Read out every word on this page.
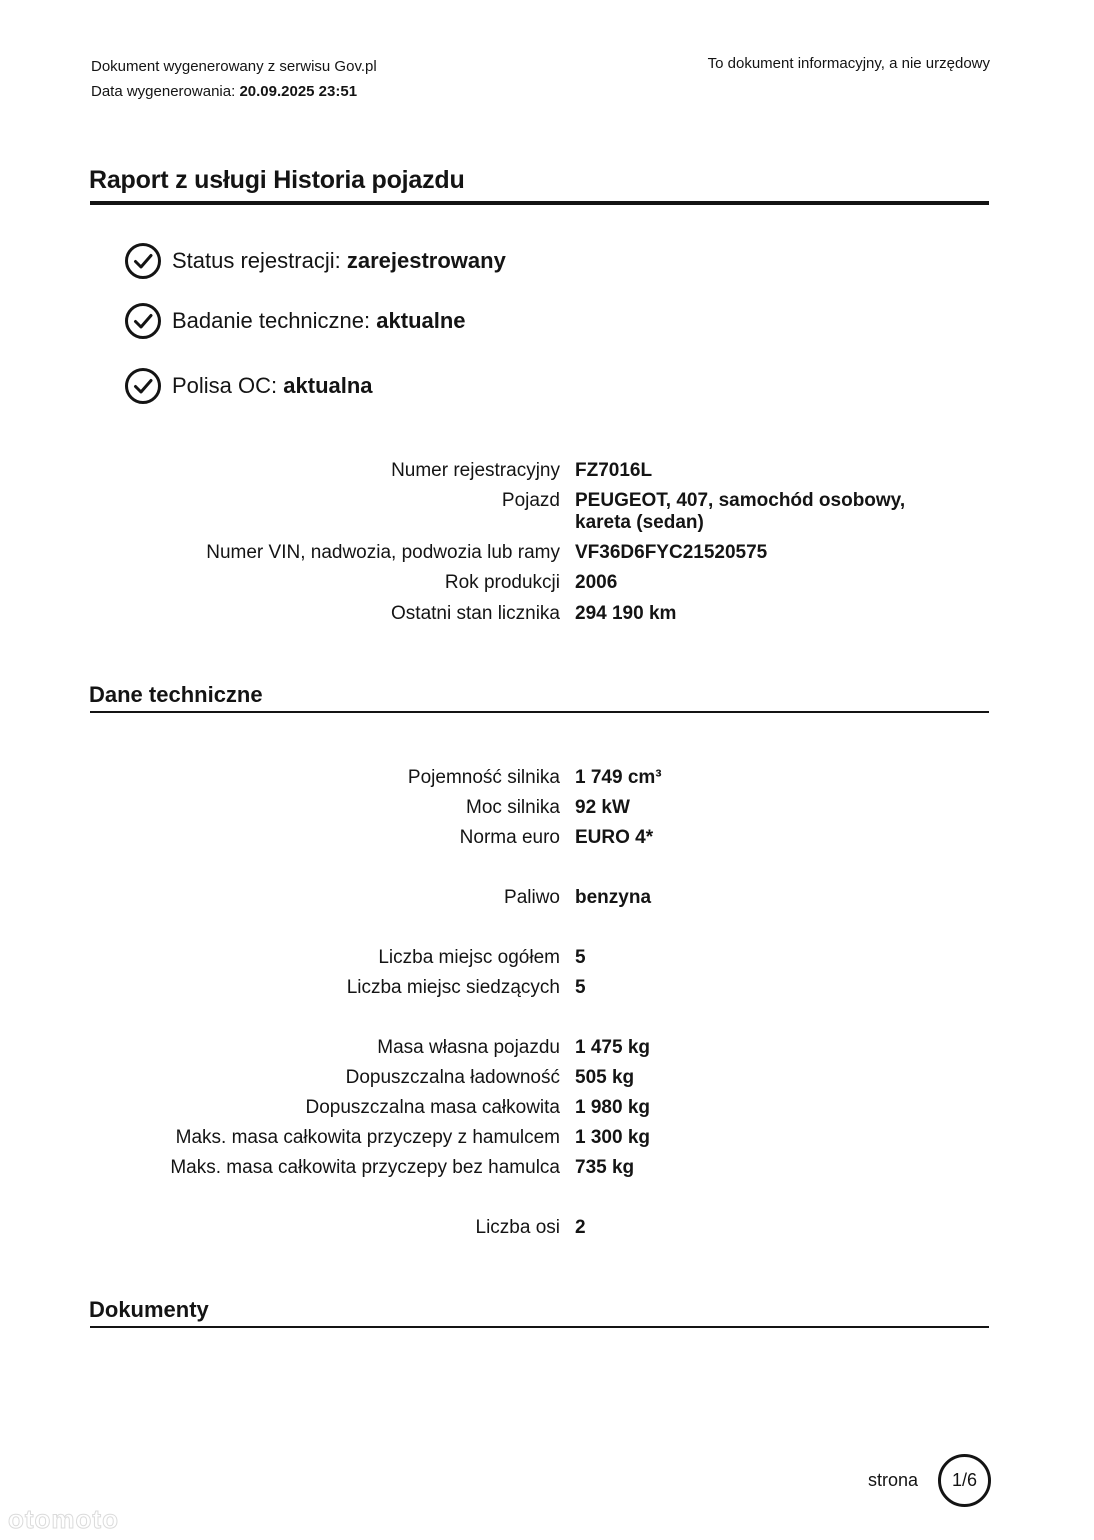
Dokument wygenerowany z serwisu Gov.pl
Data wygenerowania: 20.09.2025 23:51
To dokument informacyjny, a nie urzędowy
Raport z usługi Historia pojazdu
Status rejestracji:
zarejestrowany
Badanie techniczne:
aktualne
Polisa OC:
aktualna
Numer rejestracyjny FZ7016L
Pojazd PEUGEOT, 407, samochód osobowy, kareta (sedan)
Numer VIN, nadwozia, podwozia lub ramy VF36D6FYC21520575
Rok produkcji 2006
Ostatni stan licznika 294 190 km
Dane techniczne
Pojemność silnika 1 749 cm³
Moc silnika 92 kW
Norma euro EURO 4*
Paliwo benzyna
Liczba miejsc ogółem 5
Liczba miejsc siedzących 5
Masa własna pojazdu 1 475 kg
Dopuszczalna ładowność 505 kg
Dopuszczalna masa całkowita 1 980 kg
Maks. masa całkowita przyczepy z hamulcem 1 300 kg
Maks. masa całkowita przyczepy bez hamulca 735 kg
Liczba osi 2
Dokumenty
strona 1/6
otomoto
